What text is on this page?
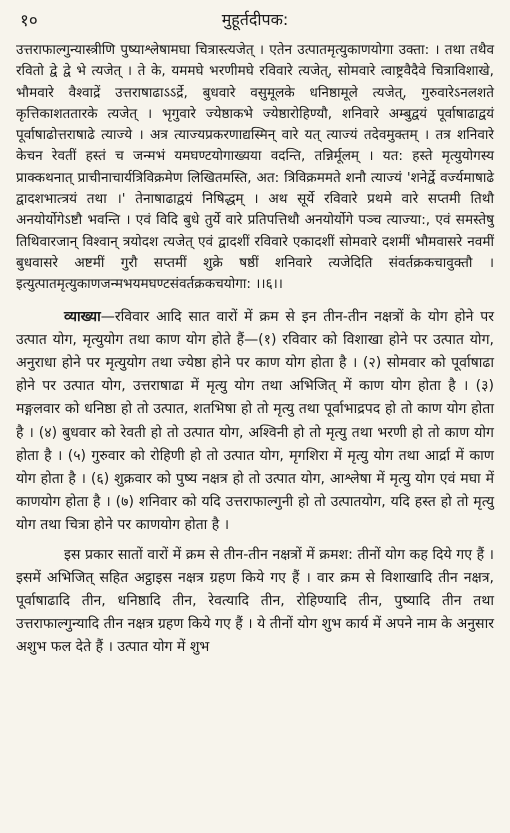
१०	मुहूर्तदीपक:

उत्तराफाल्गुन्यास्त्रीणि पुष्याश्लेषामघा चित्रास्त्यजेत् । एतेन उत्पातमृत्युकाणयोगा उक्ता: । तथा तथैव रवितो द्वे द्वे भे त्यजेत् । ते के, यममघे भरणीमघे रविवारे त्यजेत्, सोमवारे त्वाष्ट्रवैदैवे चित्राविशाखे, भौमवारे वैश्वाद्रें उत्तराषाढाऽऽर्द्रे, बुधवारे वसुमूलके धनिष्ठामूले त्यजेत्, गुरुवारेऽनलशते कृत्तिकाशततारके त्यजेत् । भृगुवारे ज्येष्ठाकभे ज्येष्ठारोहिण्यौ, शनिवारे अम्बुद्वयं पूर्वाषाढाद्वयं पूर्वाषाढोत्तराषाढे त्याज्ये । अत्र त्याज्यप्रकरणाद्यस्मिन् वारे यत् त्याज्यं तदेवमुक्तम् । तत्र शनिवारे केचन रेवतीं हस्तं च जन्मभं यमघण्टयोगाख्यया वदन्ति, तन्निर्मूलम् । यत: हस्ते मृत्युयोगस्य प्राक्कथनात् प्राचीनाचार्यत्रिविक्रमेण लिखितमस्ति, अत: त्रिविक्रममते शनौ त्याज्यं 'शनेर्द्वे वर्ज्यमाषाढे द्वादशभात्त्रयं तथा ।' तेनाषाढाद्वयं निषिद्धम् । अथ सूर्ये रविवारे प्रथमे वारे सप्तमी तिथौ अनयोर्योगेऽष्टौ भवन्ति । एवं विदि बुधे तुर्ये वारे प्रतिपत्तिथौ अनयोर्योगे पञ्च त्याज्या:, एवं समस्तेषु तिथिवारजान् विश्वान् त्रयोदश त्यजेत् एवं द्वादशीं रविवारे एकादशीं सोमवारे दशमीं भौमवासरे नवमीं बुधवासरे अष्टमीं गुरौ सप्तमीं शुक्रे षष्ठीं शनिवारे त्यजेदिति संवर्तक्रकचावुक्तौ । इत्युत्पातमृत्युकाणजन्मभयमघण्टसंवर्तक्रकचयोगा: ।।६।।

व्याख्या—रविवार आदि सात वारों में क्रम से इन तीन-तीन नक्षत्रों के योग होने पर उत्पात योग, मृत्युयोग तथा काण योग होते हैं—(१) रविवार को विशाखा होने पर उत्पात योग, अनुराधा होने पर मृत्युयोग तथा ज्येष्ठा होने पर काण योग होता है । (२) सोमवार को पूर्वाषाढा होने पर उत्पात योग, उत्तराषाढा में मृत्यु योग तथा अभिजित् में काण योग होता है । (३) मङ्गलवार को धनिष्ठा हो तो उत्पात, शतभिषा हो तो मृत्यु तथा पूर्वाभाद्रपद हो तो काण योग होता है । (४) बुधवार को रेवती हो तो उत्पात योग, अश्विनी हो तो मृत्यु तथा भरणी हो तो काण योग होता है । (५) गुरुवार को रोहिणी हो तो उत्पात योग, मृगशिरा में मृत्यु योग तथा आर्द्रा में काण योग होता है । (६) शुक्रवार को पुष्य नक्षत्र हो तो उत्पात योग, आश्लेषा में मृत्यु योग एवं मघा में काणयोग होता है । (७) शनिवार को यदि उत्तराफाल्गुनी हो तो उत्पातयोग, यदि हस्त हो तो मृत्यु योग तथा चित्रा होने पर काणयोग होता है ।

इस प्रकार सातों वारों में क्रम से तीन-तीन नक्षत्रों में क्रमश: तीनों योग कह दिये गए हैं । इसमें अभिजित् सहित अट्ठाइस नक्षत्र ग्रहण किये गए हैं । वार क्रम से विशाखादि तीन नक्षत्र, पूर्वाषाढादि तीन, धनिष्ठादि तीन, रेवत्यादि तीन, रोहिण्यादि तीन, पुष्यादि तीन तथा उत्तराफाल्गुन्यादि तीन नक्षत्र ग्रहण किये गए हैं । ये तीनों योग शुभ कार्य में अपने नाम के अनुसार अशुभ फल देते हैं । उत्पात योग में शुभ
